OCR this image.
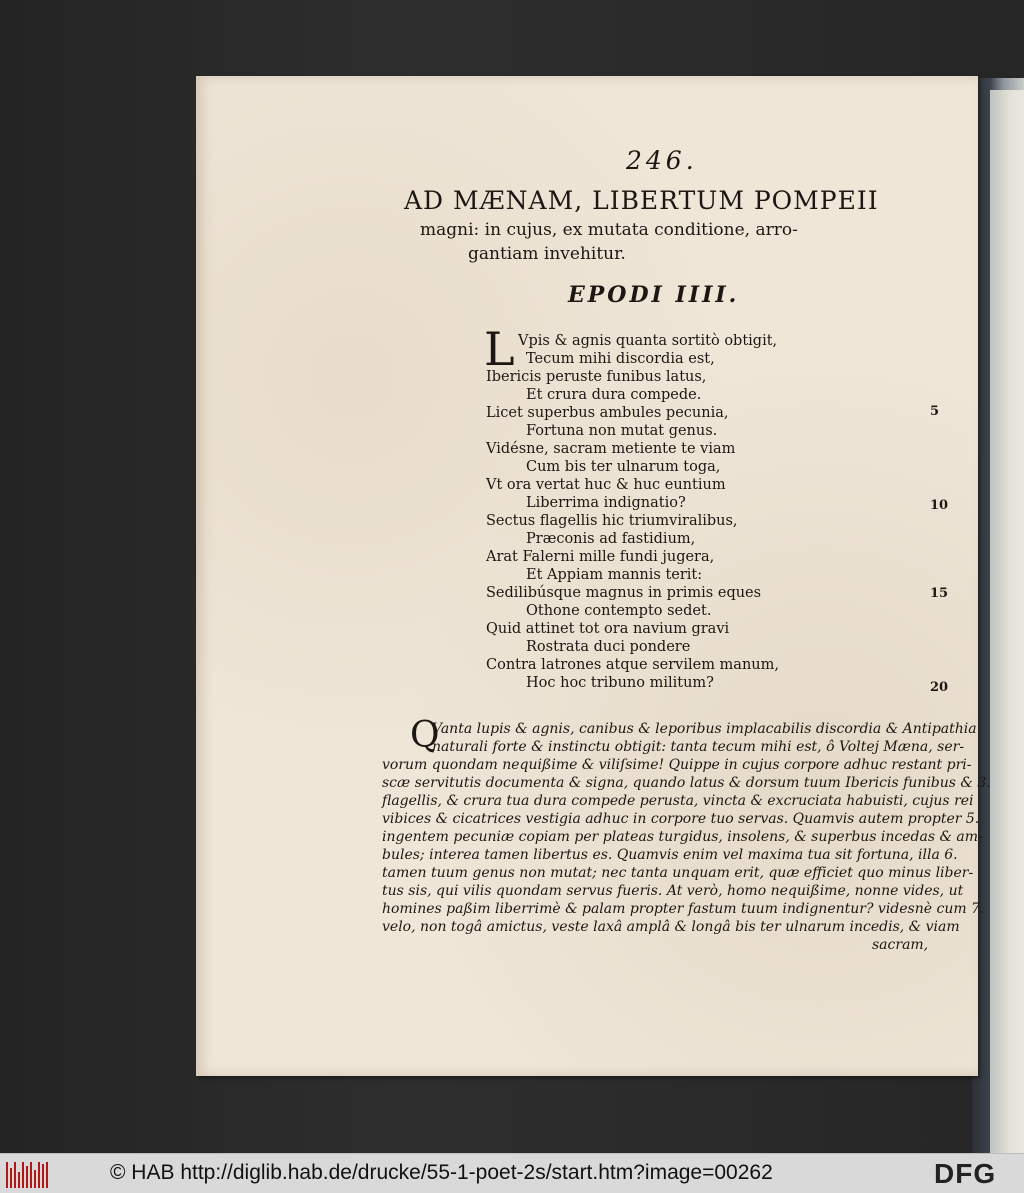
246.
AD MÆNAM, LIBERTUM POMPEII
magni: in cujus, ex mutata conditione, arro-
gantiam invehitur.
EPODI IIII.
L Vpis & agnis quanta sortitò obtigit,
Tecum mihi discordia est,
Ibericis peruste funibus latus,
Et crura dura compede.
Licet superbus ambules pecunia,
Fortuna non mutat genus.
Vidésne, sacram metiente te viam
Cum bis ter ulnarum toga,
Vt ora vertat huc & huc euntium
Liberrima indignatio?
Sectus flagellis hic triumviralibus,
Præconis ad fastidium,
Arat Falerni mille fundi jugera,
Et Appiam mannis terit:
Sedilibúsque magnus in primis eques
Othone contempto sedet.
Quid attinet tot ora navium gravi
Rostrata duci pondere
Contra latrones atque servilem manum,
Hoc hoc tribuno militum?
5
10
15
20
Q
Vanta lupis & agnis, canibus & leporibus implacabilis discordia & Antipathia
naturali forte & instinctu obtigit: tanta tecum mihi est, ô Voltej Mæna, ser-
vorum quondam nequißime & viliſsime! Quippe in cujus corpore adhuc restant pri-
scæ servitutis documenta & signa, quando latus & dorsum tuum Ibericis funibus & 3.
flagellis, & crura tua dura compede perusta, vincta & excruciata habuisti, cujus rei
vibices & cicatrices vestigia adhuc in corpore tuo servas. Quamvis autem propter 5.
ingentem pecuniæ copiam per plateas turgidus, insolens, & superbus incedas & am-
bules; interea tamen libertus es. Quamvis enim vel maxima tua sit fortuna, illa 6.
tamen tuum genus non mutat; nec tanta unquam erit, quæ efficiet quo minus liber-
tus sis, qui vilis quondam servus fueris. At verò, homo nequißime, nonne vides, ut
homines paßim liberrimè & palam propter fastum tuum indignentur? videsnè cum 7.
velo, non togâ amictus, veste laxâ amplâ & longâ bis ter ulnarum incedis, & viam
sacram,
© HAB http://diglib.hab.de/drucke/55-1-poet-2s/start.htm?image=00262	DFG
